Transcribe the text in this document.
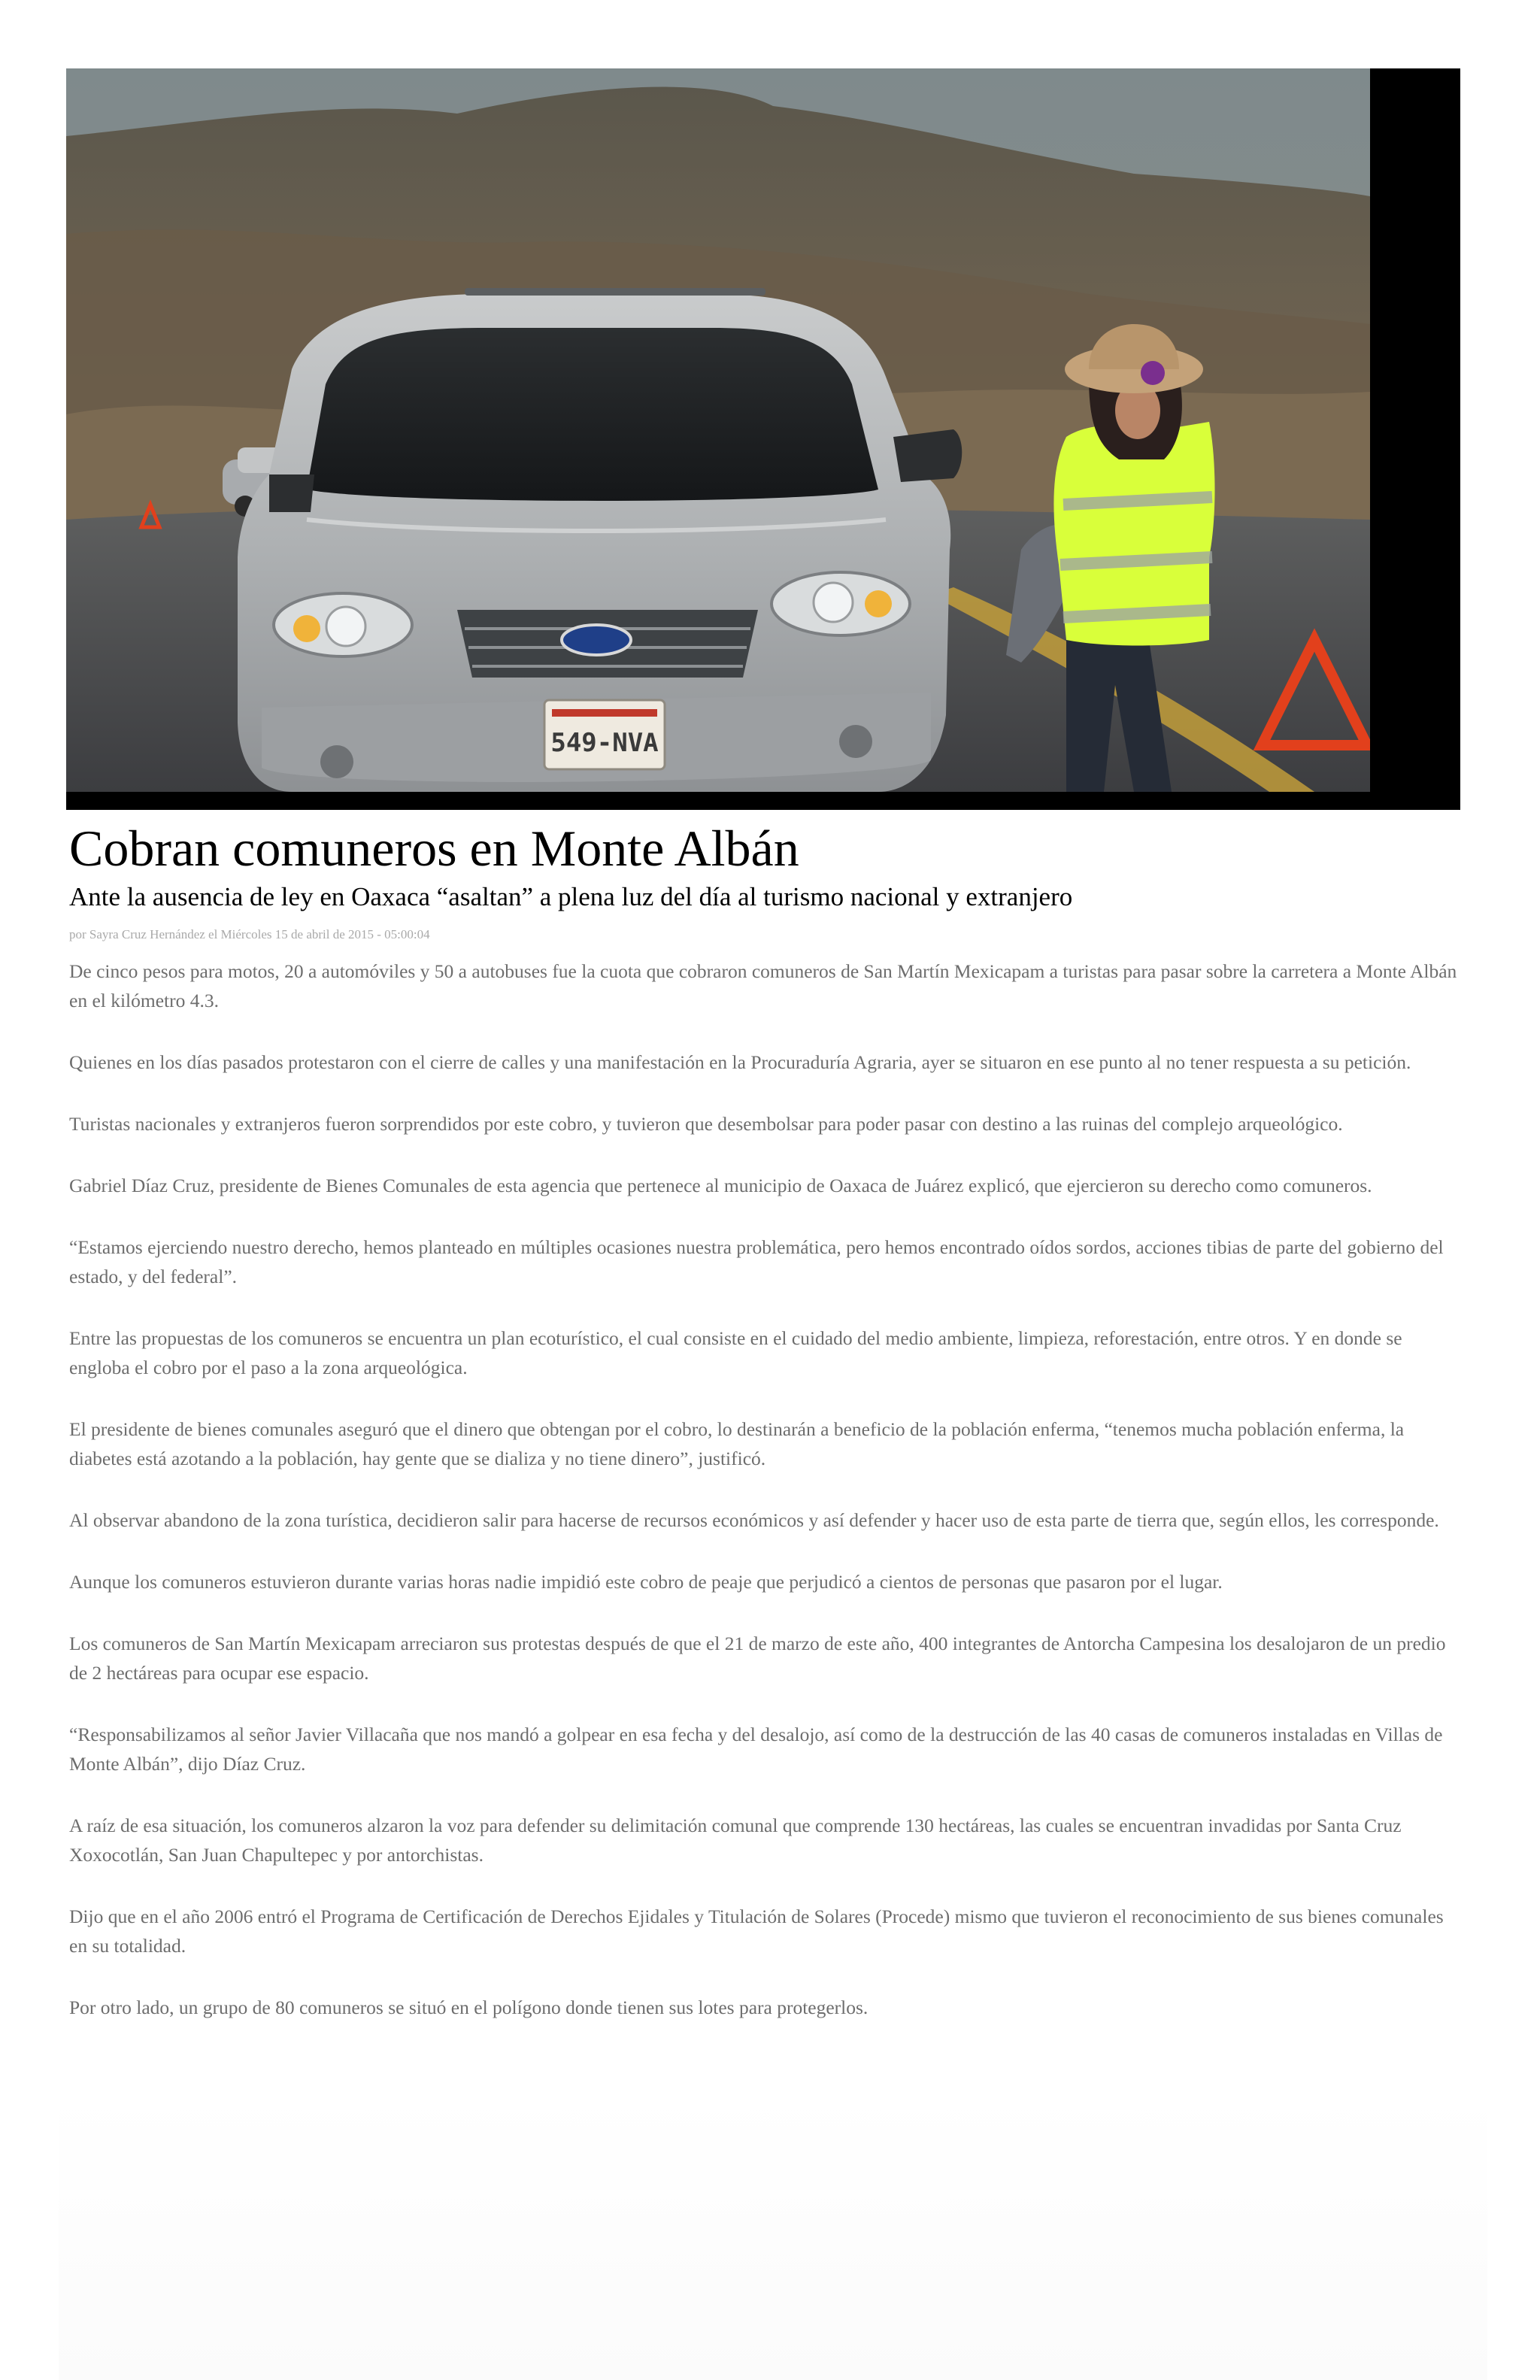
549-NVA
Cobran comuneros en Monte Albán
Ante la ausencia de ley en Oaxaca “asaltan” a plena luz del día al turismo nacional y extranjero
por Sayra Cruz Hernández el Miércoles 15 de abril de 2015 - 05:00:04

De cinco pesos para motos, 20 a automóviles y 50 a autobuses fue la cuota que cobraron comuneros de San Martín Mexicapam a turistas para pasar sobre la carretera a Monte Albán en el kilómetro 4.3.

Quienes en los días pasados protestaron con el cierre de calles y una manifestación en la Procuraduría Agraria, ayer se situaron en ese punto al no tener respuesta a su petición.

Turistas nacionales y extranjeros fueron sorprendidos por este cobro, y tuvieron que desembolsar para poder pasar con destino a las ruinas del complejo arqueológico.

Gabriel Díaz Cruz, presidente de Bienes Comunales de esta agencia que pertenece al municipio de Oaxaca de Juárez explicó, que ejercieron su derecho como comuneros.

“Estamos ejerciendo nuestro derecho, hemos planteado en múltiples ocasiones nuestra problemática, pero hemos encontrado oídos sordos, acciones tibias de parte del gobierno del estado, y del federal”.

Entre las propuestas de los comuneros se encuentra un plan ecoturístico, el cual consiste en el cuidado del medio ambiente, limpieza, reforestación, entre otros. Y en donde se engloba el cobro por el paso a la zona arqueológica.

El presidente de bienes comunales aseguró que el dinero que obtengan por el cobro, lo destinarán a beneficio de la población enferma, “tenemos mucha población enferma, la diabetes está azotando a la población, hay gente que se dializa y no tiene dinero”, justificó.

Al observar abandono de la zona turística, decidieron salir para hacerse de recursos económicos y así defender y hacer uso de esta parte de tierra que, según ellos, les corresponde.

Aunque los comuneros estuvieron durante varias horas nadie impidió este cobro de peaje que perjudicó a cientos de personas que pasaron por el lugar.

Los comuneros de San Martín Mexicapam arreciaron sus protestas después de que el 21 de marzo de este año, 400 integrantes de Antorcha Campesina los desalojaron de un predio de 2 hectáreas para ocupar ese espacio.

“Responsabilizamos al señor Javier Villacaña que nos mandó a golpear en esa fecha y del desalojo, así como de la destrucción de las 40 casas de comuneros instaladas en Villas de Monte Albán”, dijo Díaz Cruz.

A raíz de esa situación, los comuneros alzaron la voz para defender su delimitación comunal que comprende 130 hectáreas, las cuales se encuentran invadidas por Santa Cruz Xoxocotlán, San Juan Chapultepec y por antorchistas.

Dijo que en el año 2006 entró el Programa de Certificación de Derechos Ejidales y Titulación de Solares (Procede) mismo que tuvieron el reconocimiento de sus bienes comunales en su totalidad.

Por otro lado, un grupo de 80 comuneros se situó en el polígono donde tienen sus lotes para protegerlos.
